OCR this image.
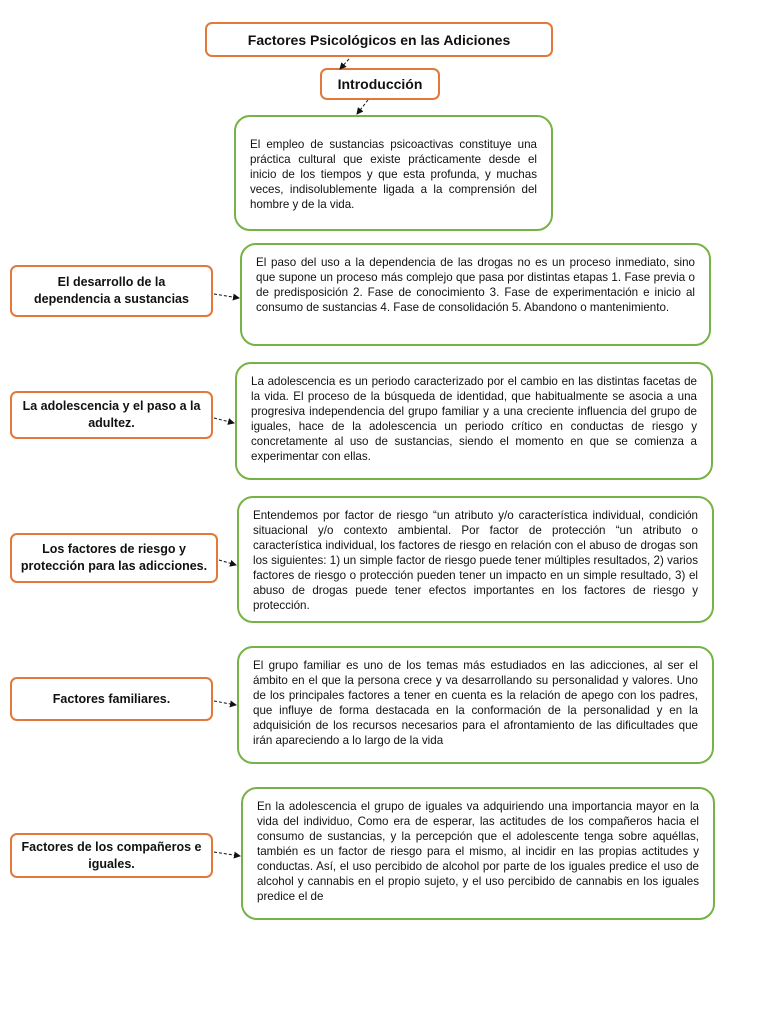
Factores Psicológicos en las Adiciones
Introducción
El empleo de sustancias psicoactivas constituye una práctica cultural que existe prácticamente desde el inicio de los tiempos y que esta profunda, y muchas veces, indisolublemente ligada a la comprensión del hombre y de la vida.
El desarrollo de la dependencia a sustancias
El paso del uso a la dependencia de las drogas no es un proceso inmediato, sino que supone un proceso más complejo que pasa por distintas etapas 1. Fase previa o de predisposición 2. Fase de conocimiento 3. Fase de experimentación e inicio al consumo de sustancias 4. Fase de consolidación 5. Abandono o mantenimiento.
La adolescencia y el paso a la adultez.
La adolescencia es un periodo caracterizado por el cambio en las distintas facetas de la vida. El proceso de la búsqueda de identidad, que habitualmente se asocia a una progresiva independencia del grupo familiar y a una creciente influencia del grupo de iguales, hace de la adolescencia un periodo crítico en conductas de riesgo y concretamente al uso de sustancias, siendo el momento en que se comienza a experimentar con ellas.
Los factores de riesgo y protección para las adicciones.
Entendemos por factor de riesgo “un atributo y/o característica individual, condición situacional y/o contexto ambiental. Por factor de protección “un atributo o característica individual, los factores de riesgo en relación con el abuso de drogas son los siguientes: 1) un simple factor de riesgo puede tener múltiples resultados, 2) varios factores de riesgo o protección pueden tener un impacto en un simple resultado, 3) el abuso de drogas puede tener efectos importantes en los factores de riesgo y protección.
Factores familiares.
El grupo familiar es uno de los temas más estudiados en las adicciones, al ser el ámbito en el que la persona crece y va desarrollando su personalidad y valores. Uno de los principales factores a tener en cuenta es la relación de apego con los padres, que influye de forma destacada en la conformación de la personalidad y en la adquisición de los recursos necesarios para el afrontamiento de las dificultades que irán apareciendo a lo largo de la vida
Factores de los compañeros e iguales.
En la adolescencia el grupo de iguales va adquiriendo una importancia mayor en la vida del individuo, Como era de esperar, las actitudes de los compañeros hacia el consumo de sustancias, y la percepción que el adolescente tenga sobre aquéllas, también es un factor de riesgo para el mismo, al incidir en las propias actitudes y conductas. Así, el uso percibido de alcohol por parte de los iguales predice el uso de alcohol y cannabis en el propio sujeto, y el uso percibido de cannabis en los iguales predice el de
